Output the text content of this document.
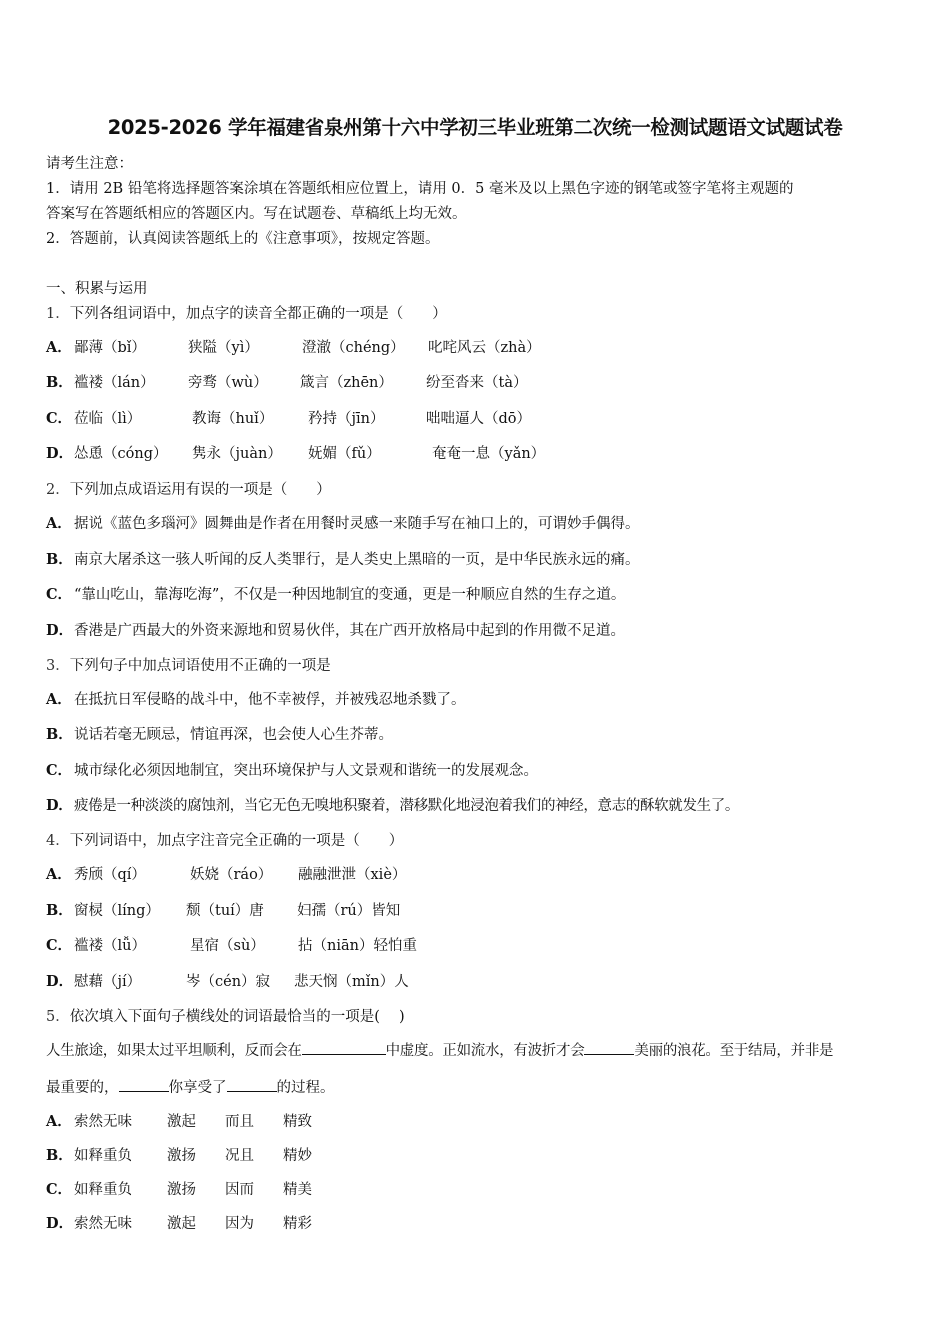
2025-2026 学年福建省泉州第十六中学初三毕业班第二次统一检测试题语文试题试卷
请考生注意：
1．请用 2B 铅笔将选择题答案涂填在答题纸相应位置上，请用 0．5 毫米及以上黑色字迹的钢笔或签字笔将主观题的
答案写在答题纸相应的答题区内。写在试题卷、草稿纸上均无效。
2．答题前，认真阅读答题纸上的《注意事项》，按规定答题。
一、积累与运用
1．下列各组词语中，加点字的读音全都正确的一项是（　　）
A． 鄙薄（bǐ）	狭隘（yì）	澄澈（chéng） 叱咤风云（zhà）
B．褴褛（lán） 旁骛（wù） 箴言（zhēn） 纷至沓来（tà）
C． 莅临（lì）	教诲（huǐ） 矜持（jīn）	咄咄逼人（dō）
D．怂恿（cóng） 隽永（juàn） 妩媚（fǔ）	奄奄一息（yǎn）
2．下列加点成语运用有误的一项是（　　）
A． 据说《蓝色多瑙河》圆舞曲是作者在用餐时灵感一来随手写在袖口上的，可谓妙手偶得。
B．南京大屠杀这一骇人听闻的反人类罪行，是人类史上黑暗的一页，是中华民族永远的痛。
C． “靠山吃山，靠海吃海”，不仅是一种因地制宜的变通，更是一种顺应自然的生存之道。
D．香港是广西最大的外资来源地和贸易伙伴，其在广西开放格局中起到的作用微不足道。
3．下列句子中加点词语使用不正确的一项是
A． 在抵抗日军侵略的战斗中，他不幸被俘，并被残忍地杀戮了。
B．说话若毫无顾忌，情谊再深，也会使人心生芥蒂。
C． 城市绿化必须因地制宜，突出环境保护与人文景观和谐统一的发展观念。
D． 疲倦是一种淡淡的腐蚀剂，当它无色无嗅地积聚着，潜移默化地浸泡着我们的神经，意志的酥软就发生了。
4．下列词语中，加点字注音完全正确的一项是（　　）
A． 秀颀（qí）	妖娆（ráo） 融融泄泄（xiè）
B．窗棂（líng） 颓（tuí）唐 妇孺（rú）皆知
C． 褴褛（lǚ）	星宿（sù） 拈（niān）轻怕重
D．慰藉（jí）	岑（cén）寂 悲天悯（mǐn）人
5．依次填入下面句子横线处的词语最恰当的一项是(　 )
人生旅途，如果太过平坦顺利，反而会在	中虚度。正如流水，有波折才会	美丽的浪花。至于结局，并非是
最重要的，	你享受了	的过程。
A． 索然无味 激起 而且 精致
B．如释重负 激扬 况且 精妙
C． 如释重负 激扬 因而 精美
D．索然无味 激起 因为 精彩
